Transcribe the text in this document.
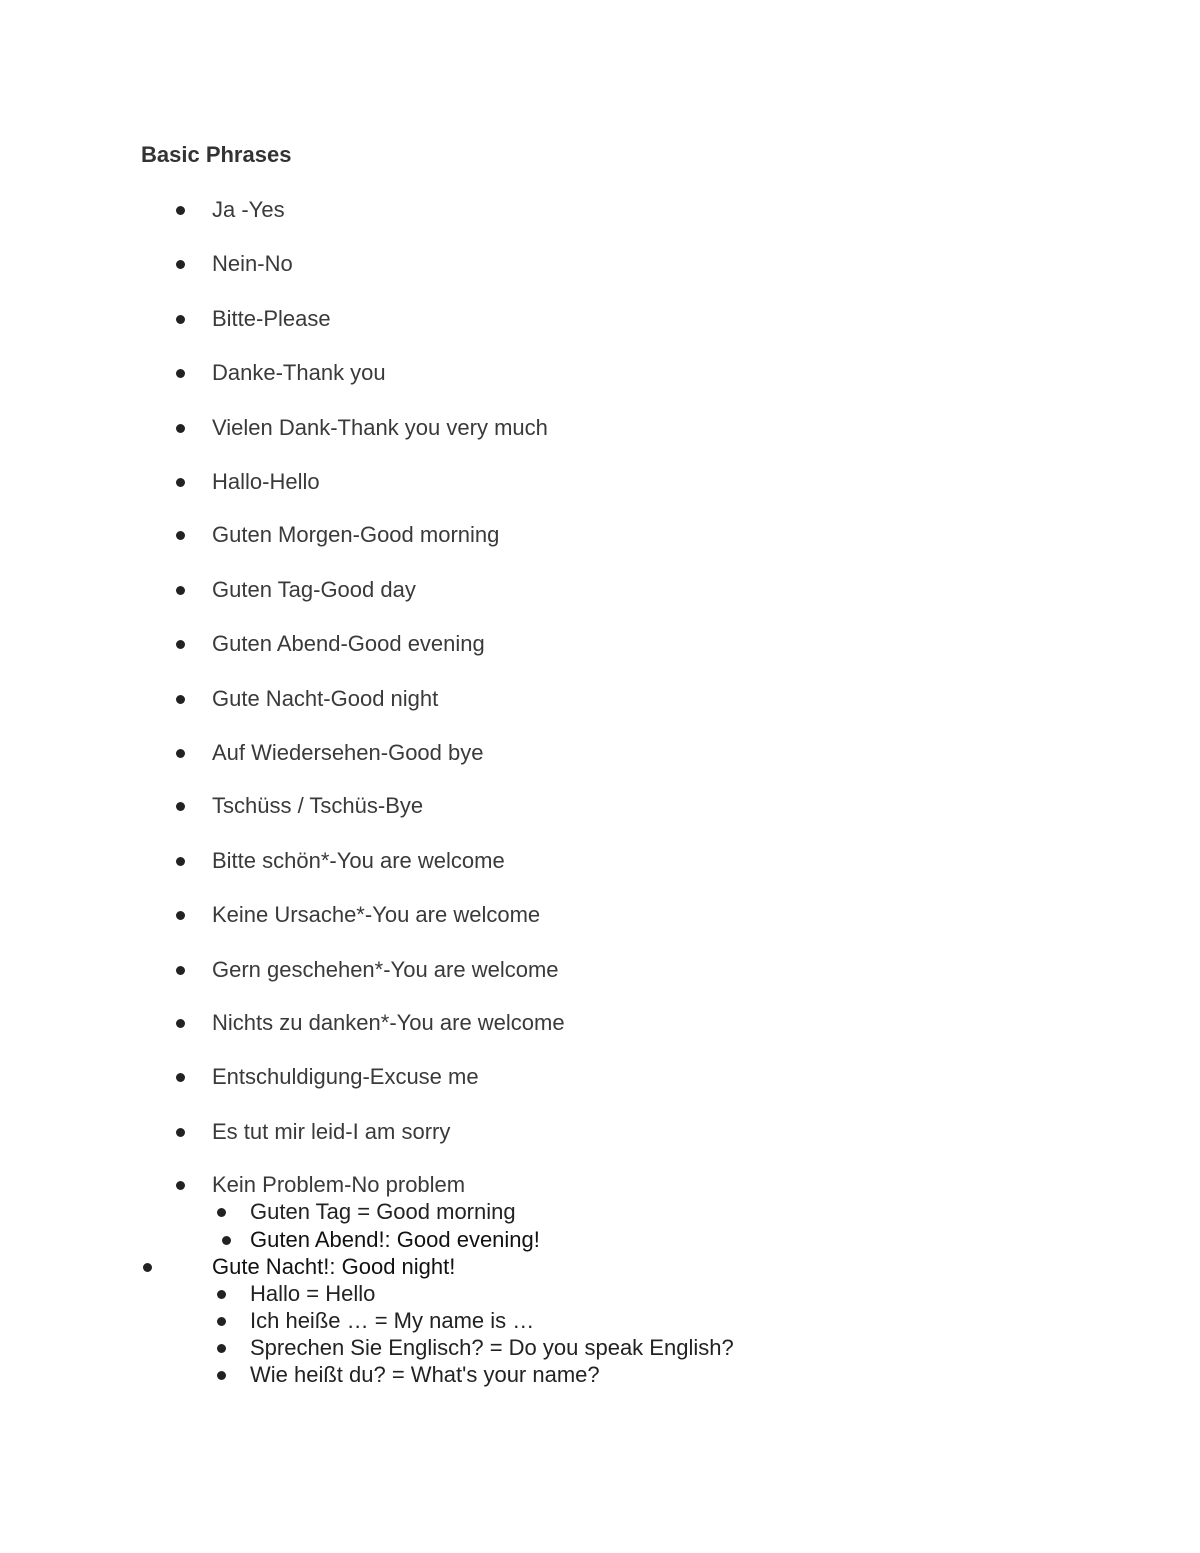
Basic Phrases
Ja -Yes
Nein-No
Bitte-Please
Danke-Thank you
Vielen Dank-Thank you very much
Hallo-Hello
Guten Morgen-Good morning
Guten Tag-Good day
Guten Abend-Good evening
Gute Nacht-Good night
Auf Wiedersehen-Good bye
Tschüss / Tschüs-Bye
Bitte schön*-You are welcome
Keine Ursache*-You are welcome
Gern geschehen*-You are welcome
Nichts zu danken*-You are welcome
Entschuldigung-Excuse me
Es tut mir leid-I am sorry
Kein Problem-No problem
Guten Tag = Good morning
Guten Abend!: Good evening!
Gute Nacht!: Good night!
Hallo = Hello
Ich heiße … = My name is …
Sprechen Sie Englisch? = Do you speak English?
Wie heißt du? = What's your name?
